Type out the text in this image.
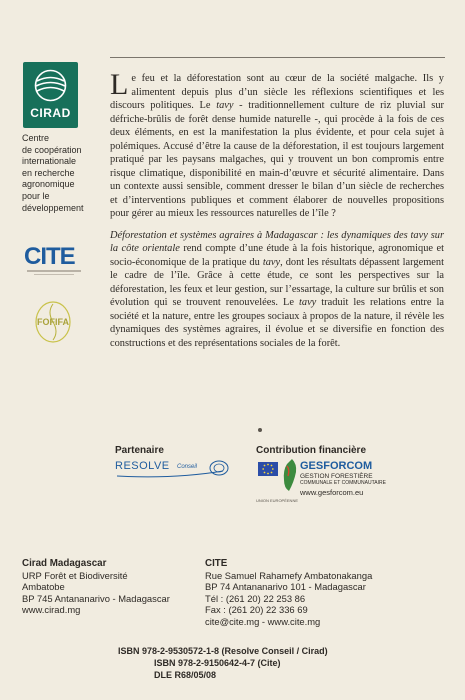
CIRAD
Centre
de coopération
internationale
en recherche
agronomique
pour le
développement
CITE
FOFIFA

Le feu et la déforestation sont au cœur de la société malgache. Ils y alimentent depuis plus d’un siècle les réflexions scientifiques et les discours politiques. Le tavy - traditionnellement culture de riz pluvial sur défriche-brûlis de forêt dense humide naturelle -, qui procède à la fois de ces deux éléments, en est la manifestation la plus évidente, et pour cela sujet à polémiques. Accusé d’être la cause de la déforestation, il est toujours largement pratiqué par les paysans malgaches, qui y trouvent un bon compromis entre risque climatique, disponibilité en main-d’œuvre et sécurité alimentaire. Dans un contexte aussi sensible, comment dresser le bilan d’un siècle de recherches et d’interventions publiques et comment élaborer de nouvelles propositions pour gérer au mieux les ressources naturelles de l’île ?

Déforestation et systèmes agraires à Madagascar : les dynamiques des tavy sur la côte orientale rend compte d’une étude à la fois historique, agronomique et socio-économique de la pratique du tavy, dont les résultats dépassent largement le cadre de l’île. Grâce à cette étude, ce sont les perspectives sur la déforestation, les feux et leur gestion, sur l’essartage, la culture sur brûlis et son évolution qui se trouvent renouvelées. Le tavy traduit les relations entre la société et la nature, entre les groupes sociaux à propos de la nature, il révèle les dynamiques des systèmes agraires, il évolue et se diversifie en fonction des constructions et des représentations sociales de la forêt.

Partenaire	Contribution financière
RESOLVE Conseil	GESFORCOM
GESTION FORESTIÈRE
COMMUNALE ET COMMUNAUTAIRE
www.gesforcom.eu
UNION EUROPÉENNE
Cirad Madagascar
URP Forêt et Biodiversité
Ambatobe
BP 745 Antananarivo - Madagascar
www.cirad.mg
CITE
Rue Samuel Rahamefy Ambatonakanga
BP 74 Antananarivo 101 - Madagascar
Tél : (261 20) 22 253 86
Fax : (261 20) 22 336 69
cite@cite.mg - www.cite.mg
ISBN 978-2-9530572-1-8 (Resolve Conseil / Cirad)
ISBN 978-2-9150642-4-7 (Cite)
DLE R68/05/08
